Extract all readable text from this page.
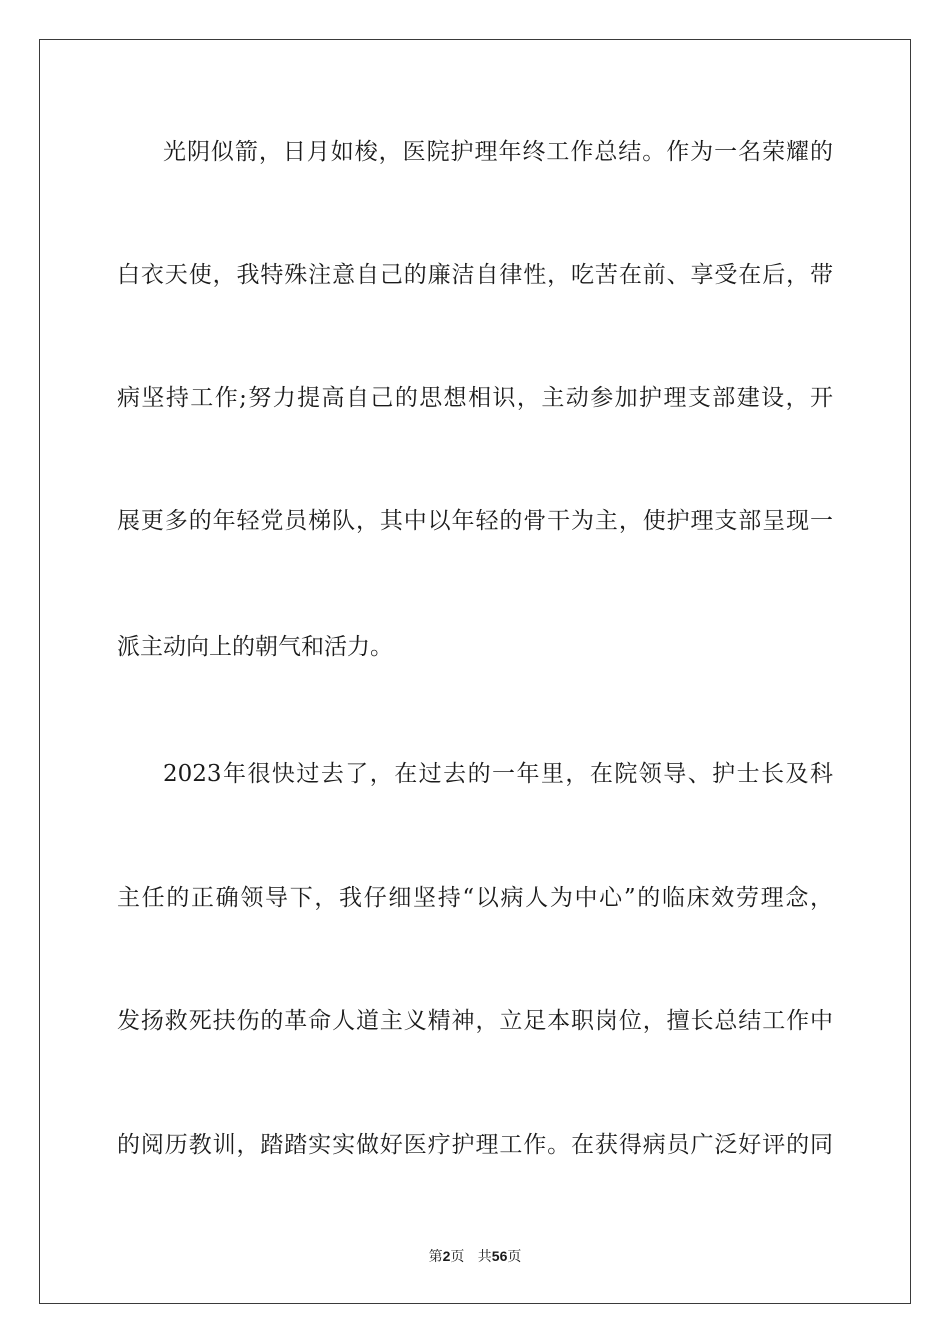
光阴似箭，日月如梭，医院护理年终工作总结。作为一名荣耀的
白衣天使，我特殊注意自己的廉洁自律性，吃苦在前、享受在后，带
病坚持工作;努力提高自己的思想相识，主动参加护理支部建设，开
展更多的年轻党员梯队，其中以年轻的骨干为主，使护理支部呈现一
派主动向上的朝气和活力。
2023年很快过去了，在过去的一年里，在院领导、护士长及科
主任的正确领导下，我仔细坚持“以病人为中心”的临床效劳理念，
发扬救死扶伤的革命人道主义精神，立足本职岗位，擅长总结工作中
的阅历教训，踏踏实实做好医疗护理工作。在获得病员广泛好评的同
第2页 共56页
